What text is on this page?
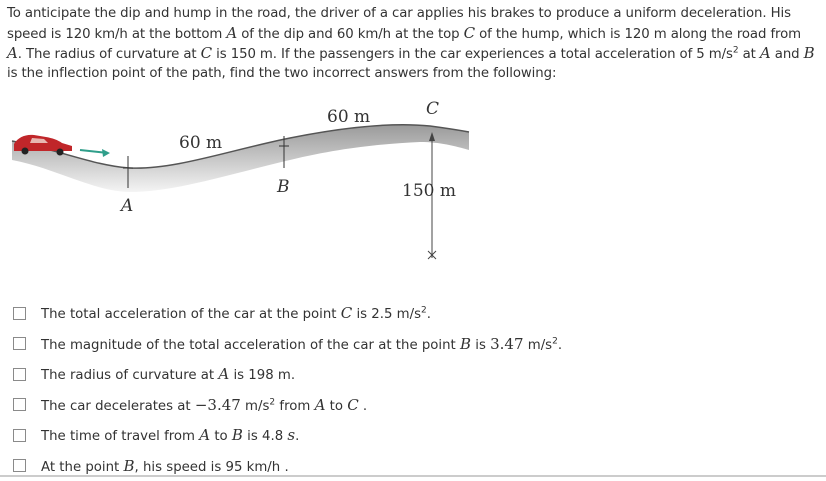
To anticipate the dip and hump in the road, the driver of a car applies his brakes to produce a uniform deceleration. His speed is 120 km/h at the bottom A of the dip and 60 km/h at the top C of the hump, which is 120 m along the road from A. The radius of curvature at C is 150 m. If the passengers in the car experiences a total acceleration of 5 $m/s^2$ at A and B is the inflection point of the path, find the two incorrect answers from the following:
A
60 m
B
60 m	C
150 m
The total acceleration of the car at the point C is 2.5 $m/s^2$.
The magnitude of the total acceleration of the car at the point B is 3.47 $m/s^2$.
The radius of curvature at A is 198 m.
The car decelerates at −3.47 $m/s^2$ from A to C .
The time of travel from A to B is 4.8 s.
At the point B, his speed is 95 km/h .
